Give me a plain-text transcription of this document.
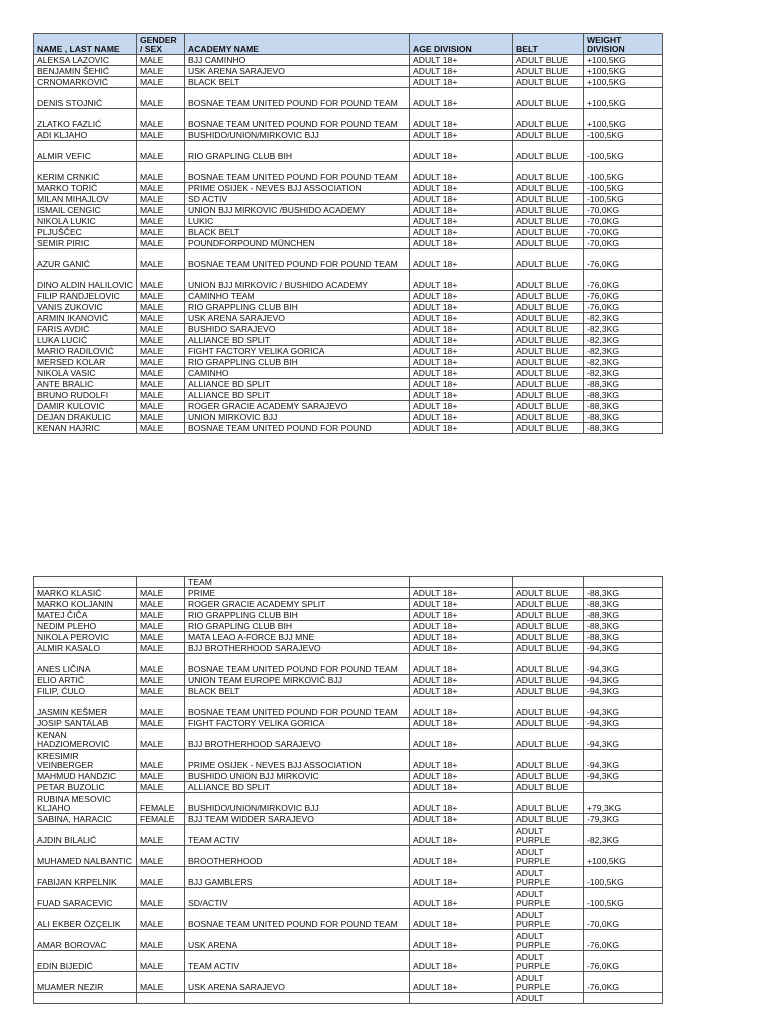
NAME , LAST NAME	GENDER / SEX	ACADEMY NAME	AGE DIVISION	BELT	WEIGHT DIVISION
ALEKSA LAZOVIC	MALE	BJJ CAMINHO	ADULT 18+	ADULT BLUE	+100,5KG
BENJAMIN ŠEHIĆ	MALE	USK ARENA SARAJEVO	ADULT 18+	ADULT BLUE	+100,5KG
CRNOMARKOVIĆ	MALE	BLACK BELT	ADULT 18+	ADULT BLUE	+100,5KG
DENIS STOJNIĆ	MALE	BOSNAE TEAM UNITED POUND FOR POUND TEAM	ADULT 18+	ADULT BLUE	+100,5KG
ZLATKO FAZLIĆ	MALE	BOSNAE TEAM UNITED POUND FOR POUND TEAM	ADULT 18+	ADULT BLUE	+100,5KG
ADI KLJAHO	MALE	BUSHIDO/UNION/MIRKOVIC BJJ	ADULT 18+	ADULT BLUE	-100,5KG
ALMIR VEFIC	MALE	RIO GRAPLING CLUB BIH	ADULT 18+	ADULT BLUE	-100,5KG
KERIM CRNKIĆ	MALE	BOSNAE TEAM UNITED POUND FOR POUND TEAM	ADULT 18+	ADULT BLUE	-100,5KG
MARKO TORIĆ	MALE	PRIME OSIJEK - NEVES BJJ ASSOCIATION	ADULT 18+	ADULT BLUE	-100,5KG
MILAN MIHAJLOV	MALE	SD ACTIV	ADULT 18+	ADULT BLUE	-100,5KG
ISMAIL CENGIC	MALE	UNION BJJ MIRKOVIC /BUSHIDO ACADEMY	ADULT 18+	ADULT BLUE	-70,0KG
NIKOLA LUKIC	MALE	LUKIC	ADULT 18+	ADULT BLUE	-70,0KG
PLJUŠČEC	MALE	BLACK BELT	ADULT 18+	ADULT BLUE	-70,0KG
SEMIR PIRIC	MALE	POUNDFORPOUND MÜNCHEN	ADULT 18+	ADULT BLUE	-70,0KG
AZUR GANIĆ	MALE	BOSNAE TEAM UNITED POUND FOR POUND TEAM	ADULT 18+	ADULT BLUE	-76,0KG
DINO ALDIN HALILOVIC	MALE	UNION BJJ MIRKOVIC / BUSHIDO ACADEMY	ADULT 18+	ADULT BLUE	-76,0KG
FILIP RANDJELOVIC	MALE	CAMINHO TEAM	ADULT 18+	ADULT BLUE	-76,0KG
VANIS ZUKOVIC	MALE	RIO GRAPPLING CLUB BIH	ADULT 18+	ADULT BLUE	-76,0KG
ARMIN IKANOVIĆ	MALE	USK ARENA SARAJEVO	ADULT 18+	ADULT BLUE	-82,3KG
FARIS AVDIĆ	MALE	BUSHIDO SARAJEVO	ADULT 18+	ADULT BLUE	-82,3KG
LUKA LUCIĆ	MALE	ALLIANCE BD SPLIT	ADULT 18+	ADULT BLUE	-82,3KG
MARIO RADILOVIĆ	MALE	FIGHT FACTORY VELIKA GORICA	ADULT 18+	ADULT BLUE	-82,3KG
MERSED KOLAR	MALE	RIO GRAPPLING CLUB BIH	ADULT 18+	ADULT BLUE	-82,3KG
NIKOLA VASIC	MALE	CAMINHO	ADULT 18+	ADULT BLUE	-82,3KG
ANTE BRALIC	MALE	ALLIANCE BD SPLIT	ADULT 18+	ADULT BLUE	-88,3KG
BRUNO RUDOLFI	MALE	ALLIANCE BD SPLIT	ADULT 18+	ADULT BLUE	-88,3KG
DAMIR KULOVIC	MALE	ROGER GRACIE ACADEMY SARAJEVO	ADULT 18+	ADULT BLUE	-88,3KG
DEJAN DRAKULIC	MALE	UNION MIRKOVIC BJJ	ADULT 18+	ADULT BLUE	-88,3KG
KENAN HAJRIC	MALE	BOSNAE TEAM UNITED POUND FOR POUND	ADULT 18+	ADULT BLUE	-88,3KG
		TEAM			
MARKO KLASIĆ	MALE	PRIME	ADULT 18+	ADULT BLUE	-88,3KG
MARKO KOLJANIN	MALE	ROGER GRACIE ACADEMY SPLIT	ADULT 18+	ADULT BLUE	-88,3KG
MATEJ ČIČA	MALE	RIO GRAPPLING CLUB BIH	ADULT 18+	ADULT BLUE	-88,3KG
NEDIM PLEHO	MALE	RIO GRAPLING CLUB BIH	ADULT 18+	ADULT BLUE	-88,3KG
NIKOLA PEROVIC	MALE	MATA LEAO A-FORCE BJJ MNE	ADULT 18+	ADULT BLUE	-88,3KG
ALMIR KASALO	MALE	BJJ BROTHERHOOD SARAJEVO	ADULT 18+	ADULT BLUE	-94,3KG
ANES LIČINA	MALE	BOSNAE TEAM UNITED POUND FOR POUND TEAM	ADULT 18+	ADULT BLUE	-94,3KG
ELIO ARTIĆ	MALE	UNION TEAM EUROPE MIRKOVIĆ BJJ	ADULT 18+	ADULT BLUE	-94,3KG
FILIP, ĆULO	MALE	BLACK BELT	ADULT 18+	ADULT BLUE	-94,3KG
JASMIN KEŠMER	MALE	BOSNAE TEAM UNITED POUND FOR POUND TEAM	ADULT 18+	ADULT BLUE	-94,3KG
JOSIP SANTALAB	MALE	FIGHT FACTORY VELIKA GORICA	ADULT 18+	ADULT BLUE	-94,3KG
KENAN HADZIOMEROVIĆ	MALE	BJJ BROTHERHOOD SARAJEVO	ADULT 18+	ADULT BLUE	-94,3KG
KRESIMIR VEINBERGER	MALE	PRIME OSIJEK - NEVES BJJ ASSOCIATION	ADULT 18+	ADULT BLUE	-94,3KG
MAHMUD HANDZIC	MALE	BUSHIDO UNION BJJ MIRKOVIC	ADULT 18+	ADULT BLUE	-94,3KG
PETAR BUZOLIC	MALE	ALLIANCE BD SPLIT	ADULT 18+	ADULT BLUE	
RUBINA MESOVIC KLJAHO	FEMALE	BUSHIDO/UNION/MIRKOVIC BJJ	ADULT 18+	ADULT BLUE	+79,3KG
SABINA, HARACIC	FEMALE	BJJ TEAM WIDDER SARAJEVO	ADULT 18+	ADULT BLUE	-79,3KG
AJDIN BILALIĆ	MALE	TEAM ACTIV	ADULT 18+	ADULT PURPLE	-82,3KG
MUHAMED NALBANTIC	MALE	BROOTHERHOOD	ADULT 18+	ADULT PURPLE	+100,5KG
FABIJAN KRPELNIK	MALE	BJJ GAMBLERS	ADULT 18+	ADULT PURPLE	-100,5KG
FUAD SARACEVIC	MALE	SD/ACTIV	ADULT 18+	ADULT PURPLE	-100,5KG
ALI EKBER ÖZÇELIK	MALE	BOSNAE TEAM UNITED POUND FOR POUND TEAM	ADULT 18+	ADULT PURPLE	-70,0KG
AMAR BOROVAC	MALE	USK ARENA	ADULT 18+	ADULT PURPLE	-76,0KG
EDIN BIJEDIĆ	MALE	TEAM ACTIV	ADULT 18+	ADULT PURPLE	-76,0KG
MUAMER NEZIR	MALE	USK ARENA SARAJEVO	ADULT 18+	ADULT PURPLE	-76,0KG
				ADULT	
